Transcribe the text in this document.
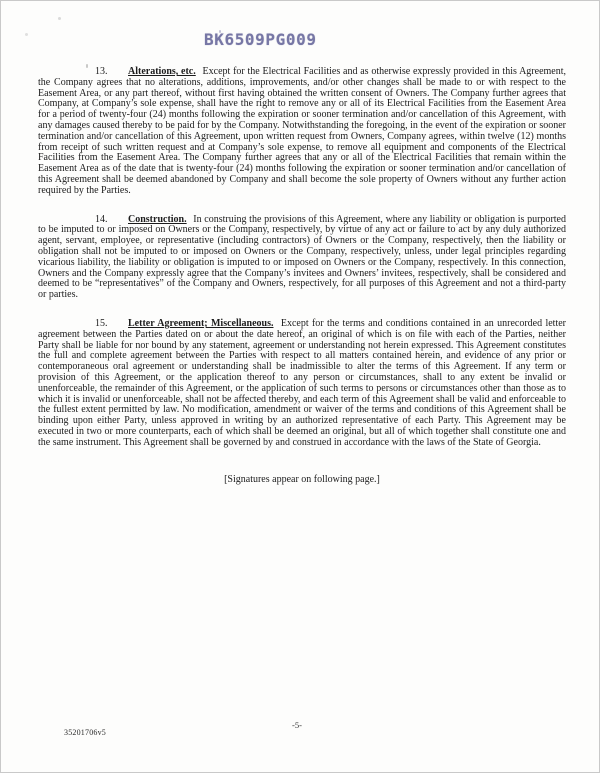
BK6509PG009

13. Alterations, etc. Except for the Electrical Facilities and as otherwise expressly provided in this Agreement, the Company agrees that no alterations, additions, improvements, and/or other changes shall be made to or with respect to the Easement Area, or any part thereof, without first having obtained the written consent of Owners. The Company further agrees that Company, at Company’s sole expense, shall have the right to remove any or all of its Electrical Facilities from the Easement Area for a period of twenty-four (24) months following the expiration or sooner termination and/or cancellation of this Agreement, with any damages caused thereby to be paid for by the Company. Notwithstanding the foregoing, in the event of the expiration or sooner termination and/or cancellation of this Agreement, upon written request from Owners, Company agrees, within twelve (12) months from receipt of such written request and at Company’s sole expense, to remove all equipment and components of the Electrical Facilities from the Easement Area. The Company further agrees that any or all of the Electrical Facilities that remain within the Easement Area as of the date that is twenty-four (24) months following the expiration or sooner termination and/or cancellation of this Agreement shall be deemed abandoned by Company and shall become the sole property of Owners without any further action required by the Parties.

14. Construction. In construing the provisions of this Agreement, where any liability or obligation is purported to be imputed to or imposed on Owners or the Company, respectively, by virtue of any act or failure to act by any duly authorized agent, servant, employee, or representative (including contractors) of Owners or the Company, respectively, then the liability or obligation shall not be imputed to or imposed on Owners or the Company, respectively, unless, under legal principles regarding vicarious liability, the liability or obligation is imputed to or imposed on Owners or the Company, respectively. In this connection, Owners and the Company expressly agree that the Company’s invitees and Owners’ invitees, respectively, shall be considered and deemed to be “representatives” of the Company and Owners, respectively, for all purposes of this Agreement and not a third-party or parties.

15. Letter Agreement; Miscellaneous. Except for the terms and conditions contained in an unrecorded letter agreement between the Parties dated on or about the date hereof, an original of which is on file with each of the Parties, neither Party shall be liable for nor bound by any statement, agreement or understanding not herein expressed. This Agreement constitutes the full and complete agreement between the Parties with respect to all matters contained herein, and evidence of any prior or contemporaneous oral agreement or understanding shall be inadmissible to alter the terms of this Agreement. If any term or provision of this Agreement, or the application thereof to any person or circumstances, shall to any extent be invalid or unenforceable, the remainder of this Agreement, or the application of such terms to persons or circumstances other than those as to which it is invalid or unenforceable, shall not be affected thereby, and each term of this Agreement shall be valid and enforceable to the fullest extent permitted by law. No modification, amendment or waiver of the terms and conditions of this Agreement shall be binding upon either Party, unless approved in writing by an authorized representative of each Party. This Agreement may be executed in two or more counterparts, each of which shall be deemed an original, but all of which together shall constitute one and the same instrument. This Agreement shall be governed by and construed in accordance with the laws of the State of Georgia.

[Signatures appear on following page.]

35201706v5
-5-
